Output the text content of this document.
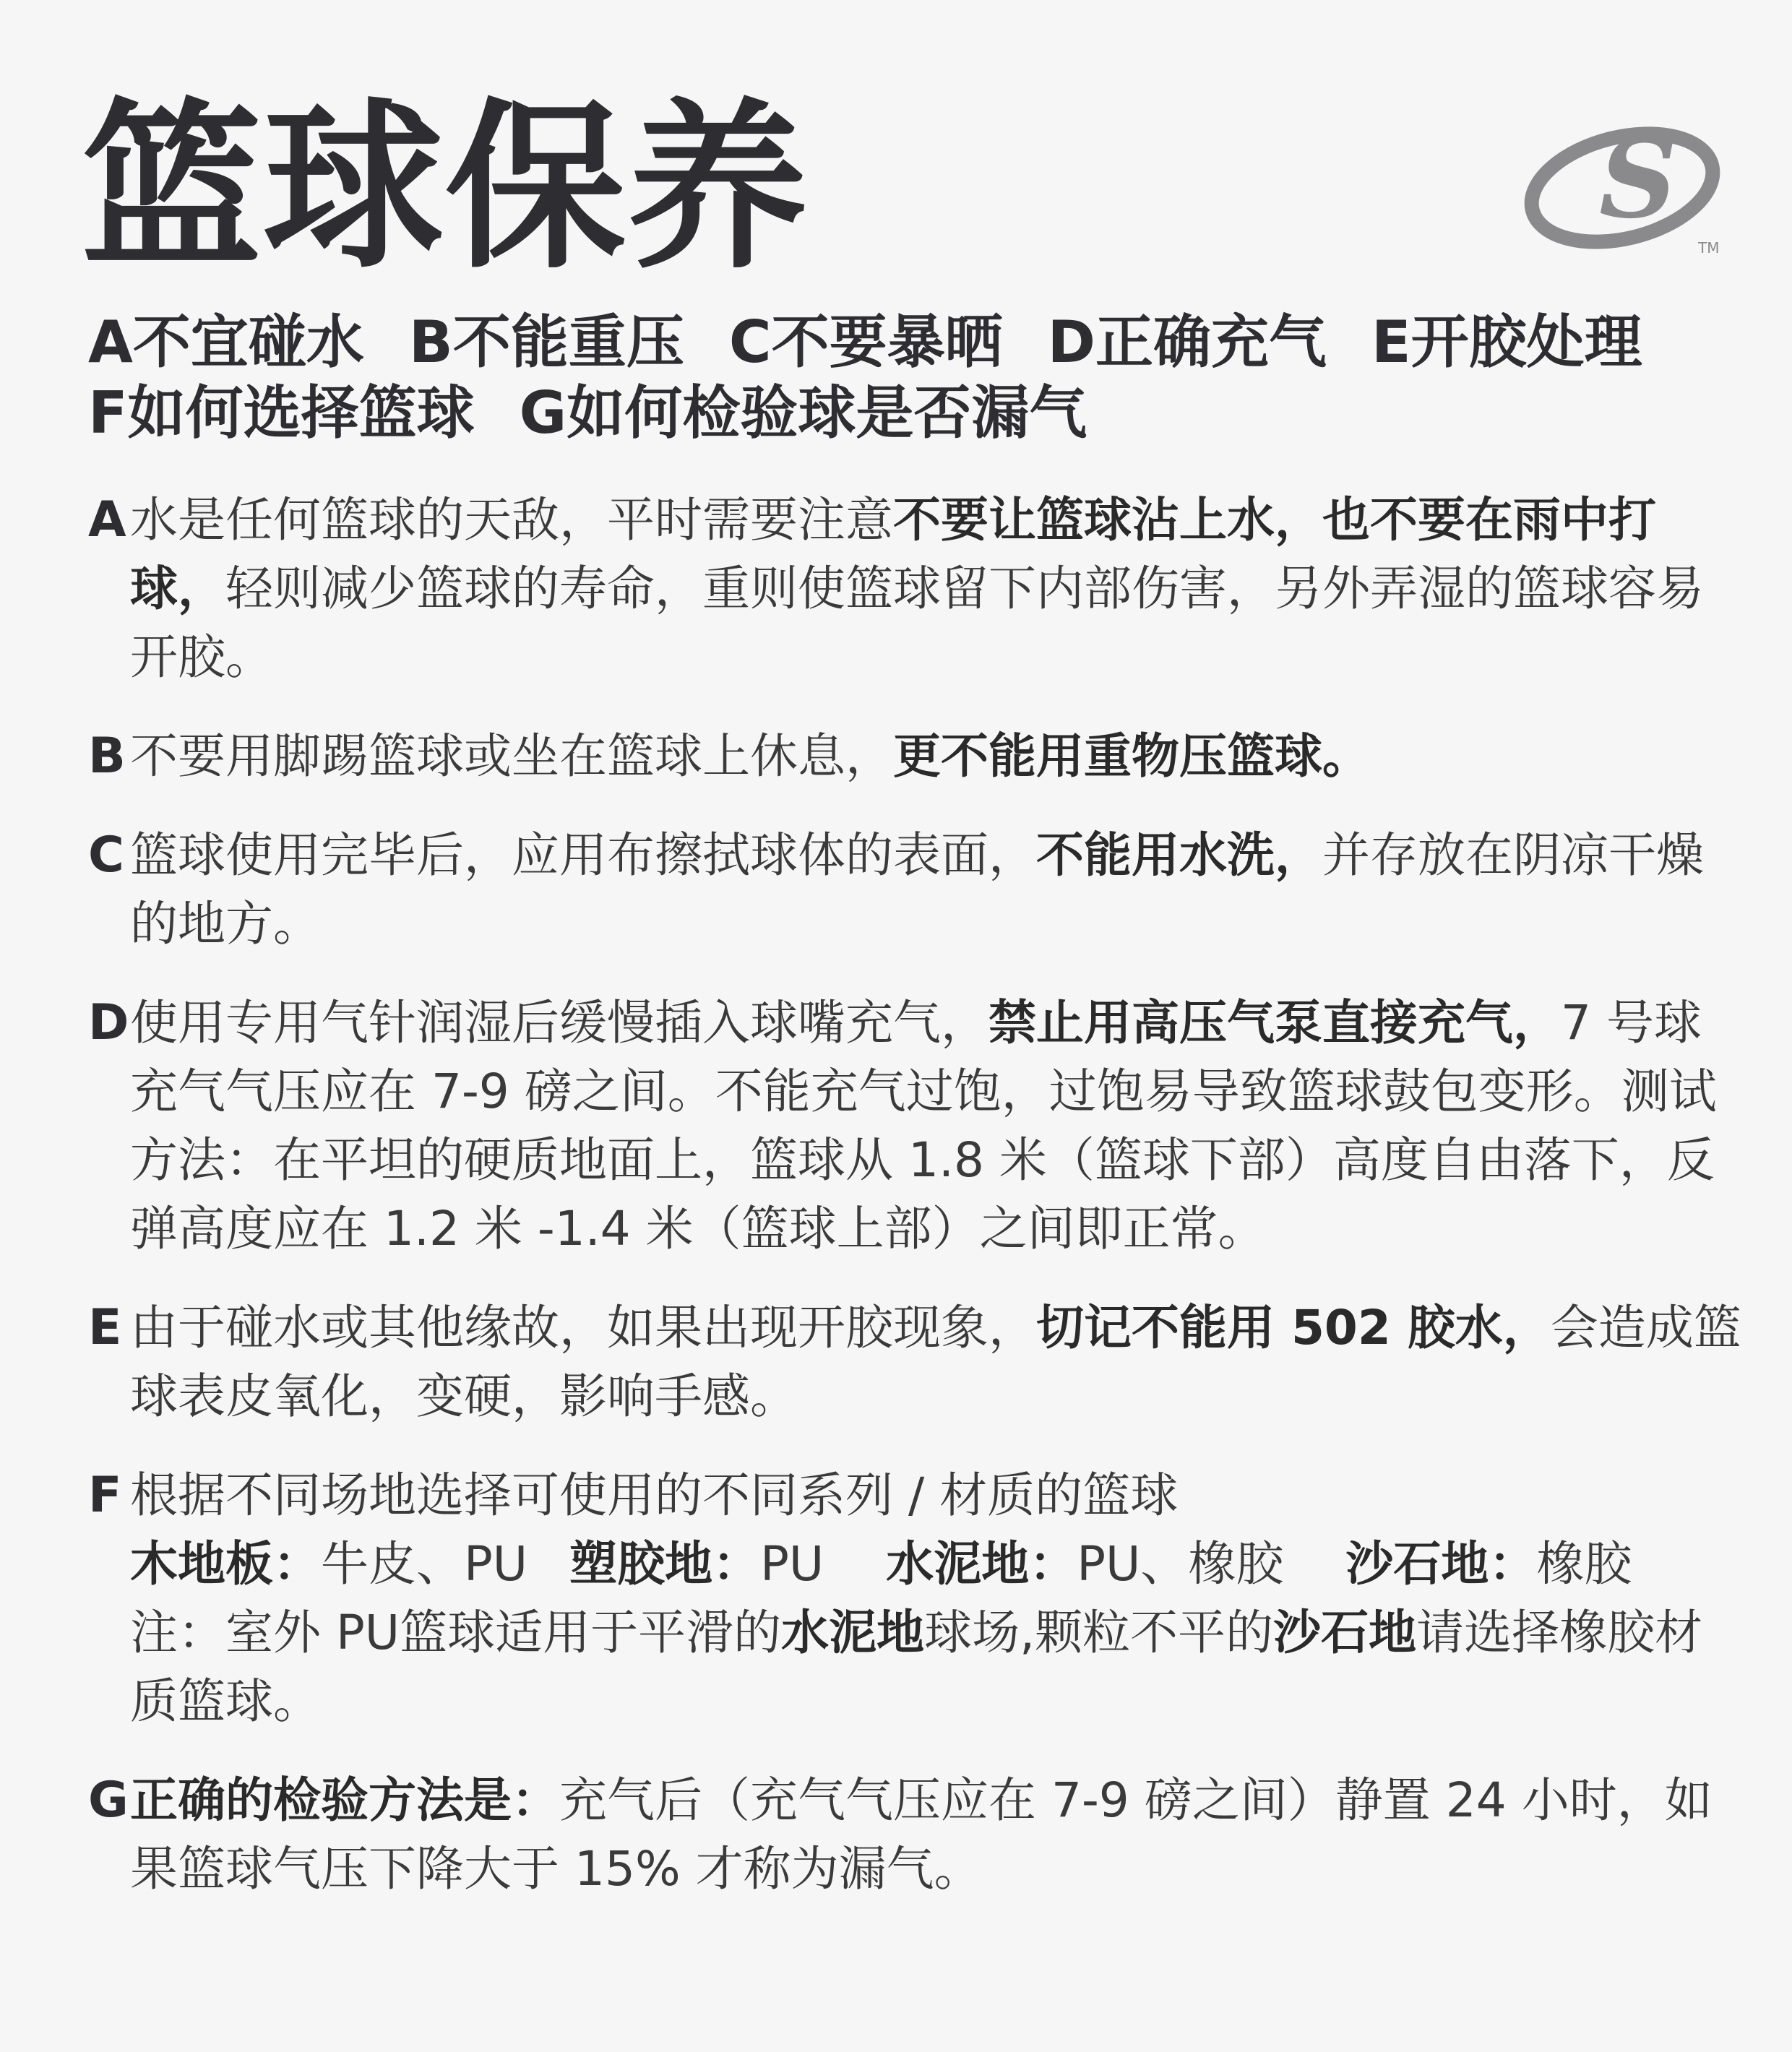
篮球保养	S
TM
A不宜碰水 B不能重压 C不要暴晒 D正确充气 E开胶处理
F如何选择篮球 G如何检验球是否漏气
A 水是任何篮球的天敌，平时需要注意不要让篮球沾上水，也不要在雨中打球，轻则减少篮球的寿命，重则使篮球留下内部伤害，另外弄湿的篮球容易开胶。

B 不要用脚踢篮球或坐在篮球上休息，更不能用重物压篮球。

C 篮球使用完毕后，应用布擦拭球体的表面，不能用水洗，并存放在阴凉干燥的地方。

D 使用专用气针润湿后缓慢插入球嘴充气，禁止用高压气泵直接充气，7 号球充气气压应在 7-9 磅之间。不能充气过饱，过饱易导致篮球鼓包变形。测试方法：在平坦的硬质地面上，篮球从 1.8 米（篮球下部）高度自由落下，反弹高度应在 1.2 米 -1.4 米（篮球上部）之间即正常。

E 由于碰水或其他缘故，如果出现开胶现象，切记不能用 502 胶水，会造成篮球表皮氧化，变硬，影响手感。

F 根据不同场地选择可使用的不同系列 / 材质的篮球

木地板：牛皮、PU 塑胶地：PU 水泥地：PU、橡胶 沙石地：橡胶

注：室外 PU篮球适用于平滑的水泥地球场,颗粒不平的沙石地请选择橡胶材质篮球。

G 正确的检验方法是：充气后（充气气压应在 7-9 磅之间）静置 24 小时，如果篮球气压下降大于 15% 才称为漏气。
